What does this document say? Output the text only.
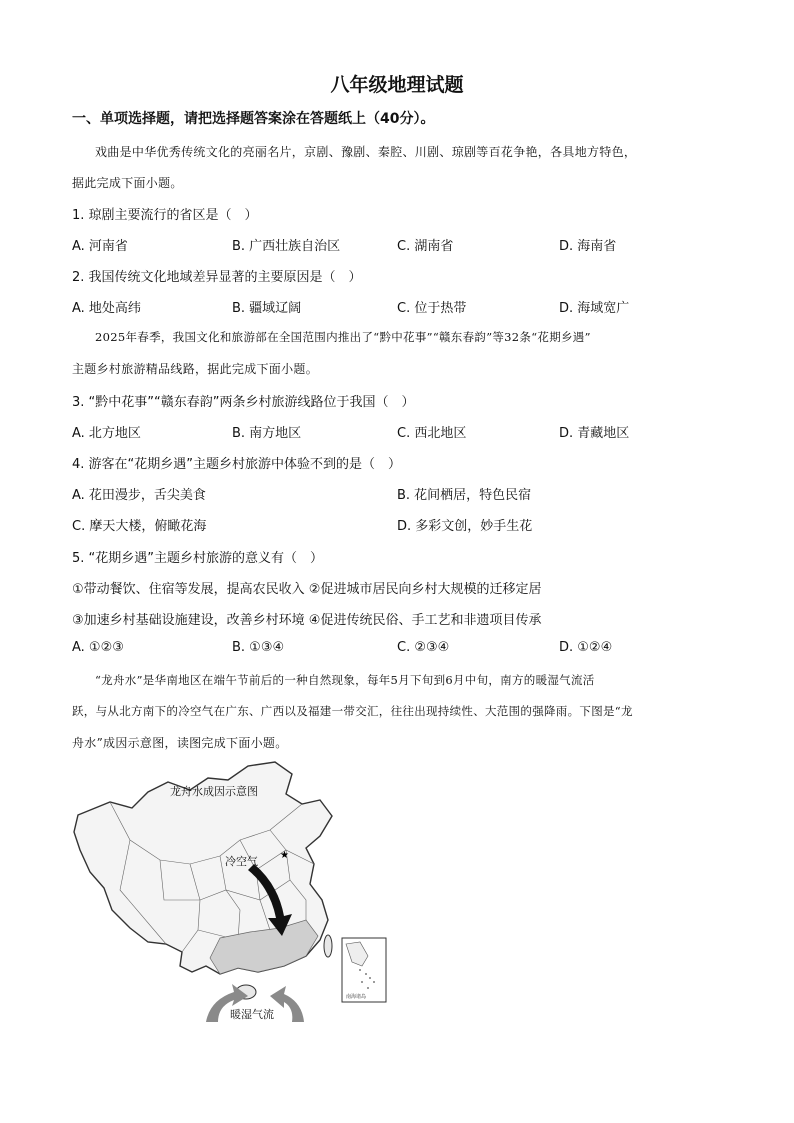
八年级地理试题
一、单项选择题，请把选择题答案涂在答题纸上（40分）。
戏曲是中华优秀传统文化的亮丽名片，京剧、豫剧、秦腔、川剧、琼剧等百花争艳，各具地方特色，
据此完成下面小题。
1. 琼剧主要流行的省区是（　）
A. 河南省	B. 广西壮族自治区	C. 湖南省	D. 海南省
2. 我国传统文化地域差异显著的主要原因是（　）
A. 地处高纬	B. 疆域辽阔	C. 位于热带	D. 海域宽广
2025年春季，我国文化和旅游部在全国范围内推出了“黔中花事”“赣东春韵”等32条“花期乡遇”
主题乡村旅游精品线路，据此完成下面小题。
3. “黔中花事”“赣东春韵”两条乡村旅游线路位于我国（　）
A. 北方地区	B. 南方地区	C. 西北地区	D. 青藏地区
4. 游客在“花期乡遇”主题乡村旅游中体验不到的是（　）
A. 花田漫步，舌尖美食	B. 花间栖居，特色民宿
C. 摩天大楼，俯瞰花海	D. 多彩文创，妙手生花
5. “花期乡遇”主题乡村旅游的意义有（　）
①带动餐饮、住宿等发展，提高农民收入 ②促进城市居民向乡村大规模的迁移定居
③加速乡村基础设施建设，改善乡村环境 ④促进传统民俗、手工艺和非遗项目传承
A. ①②③	B. ①③④	C. ②③④	D. ①②④
“龙舟水”是华南地区在端午节前后的一种自然现象，每年5月下旬到6月中旬，南方的暖湿气流活
跃，与从北方南下的冷空气在广东、广西以及福建一带交汇，往往出现持续性、大范围的强降雨。下图是“龙
舟水”成因示意图，读图完成下面小题。
★
冷空气
暖湿气流
龙舟水成因示意图
南海诸岛
